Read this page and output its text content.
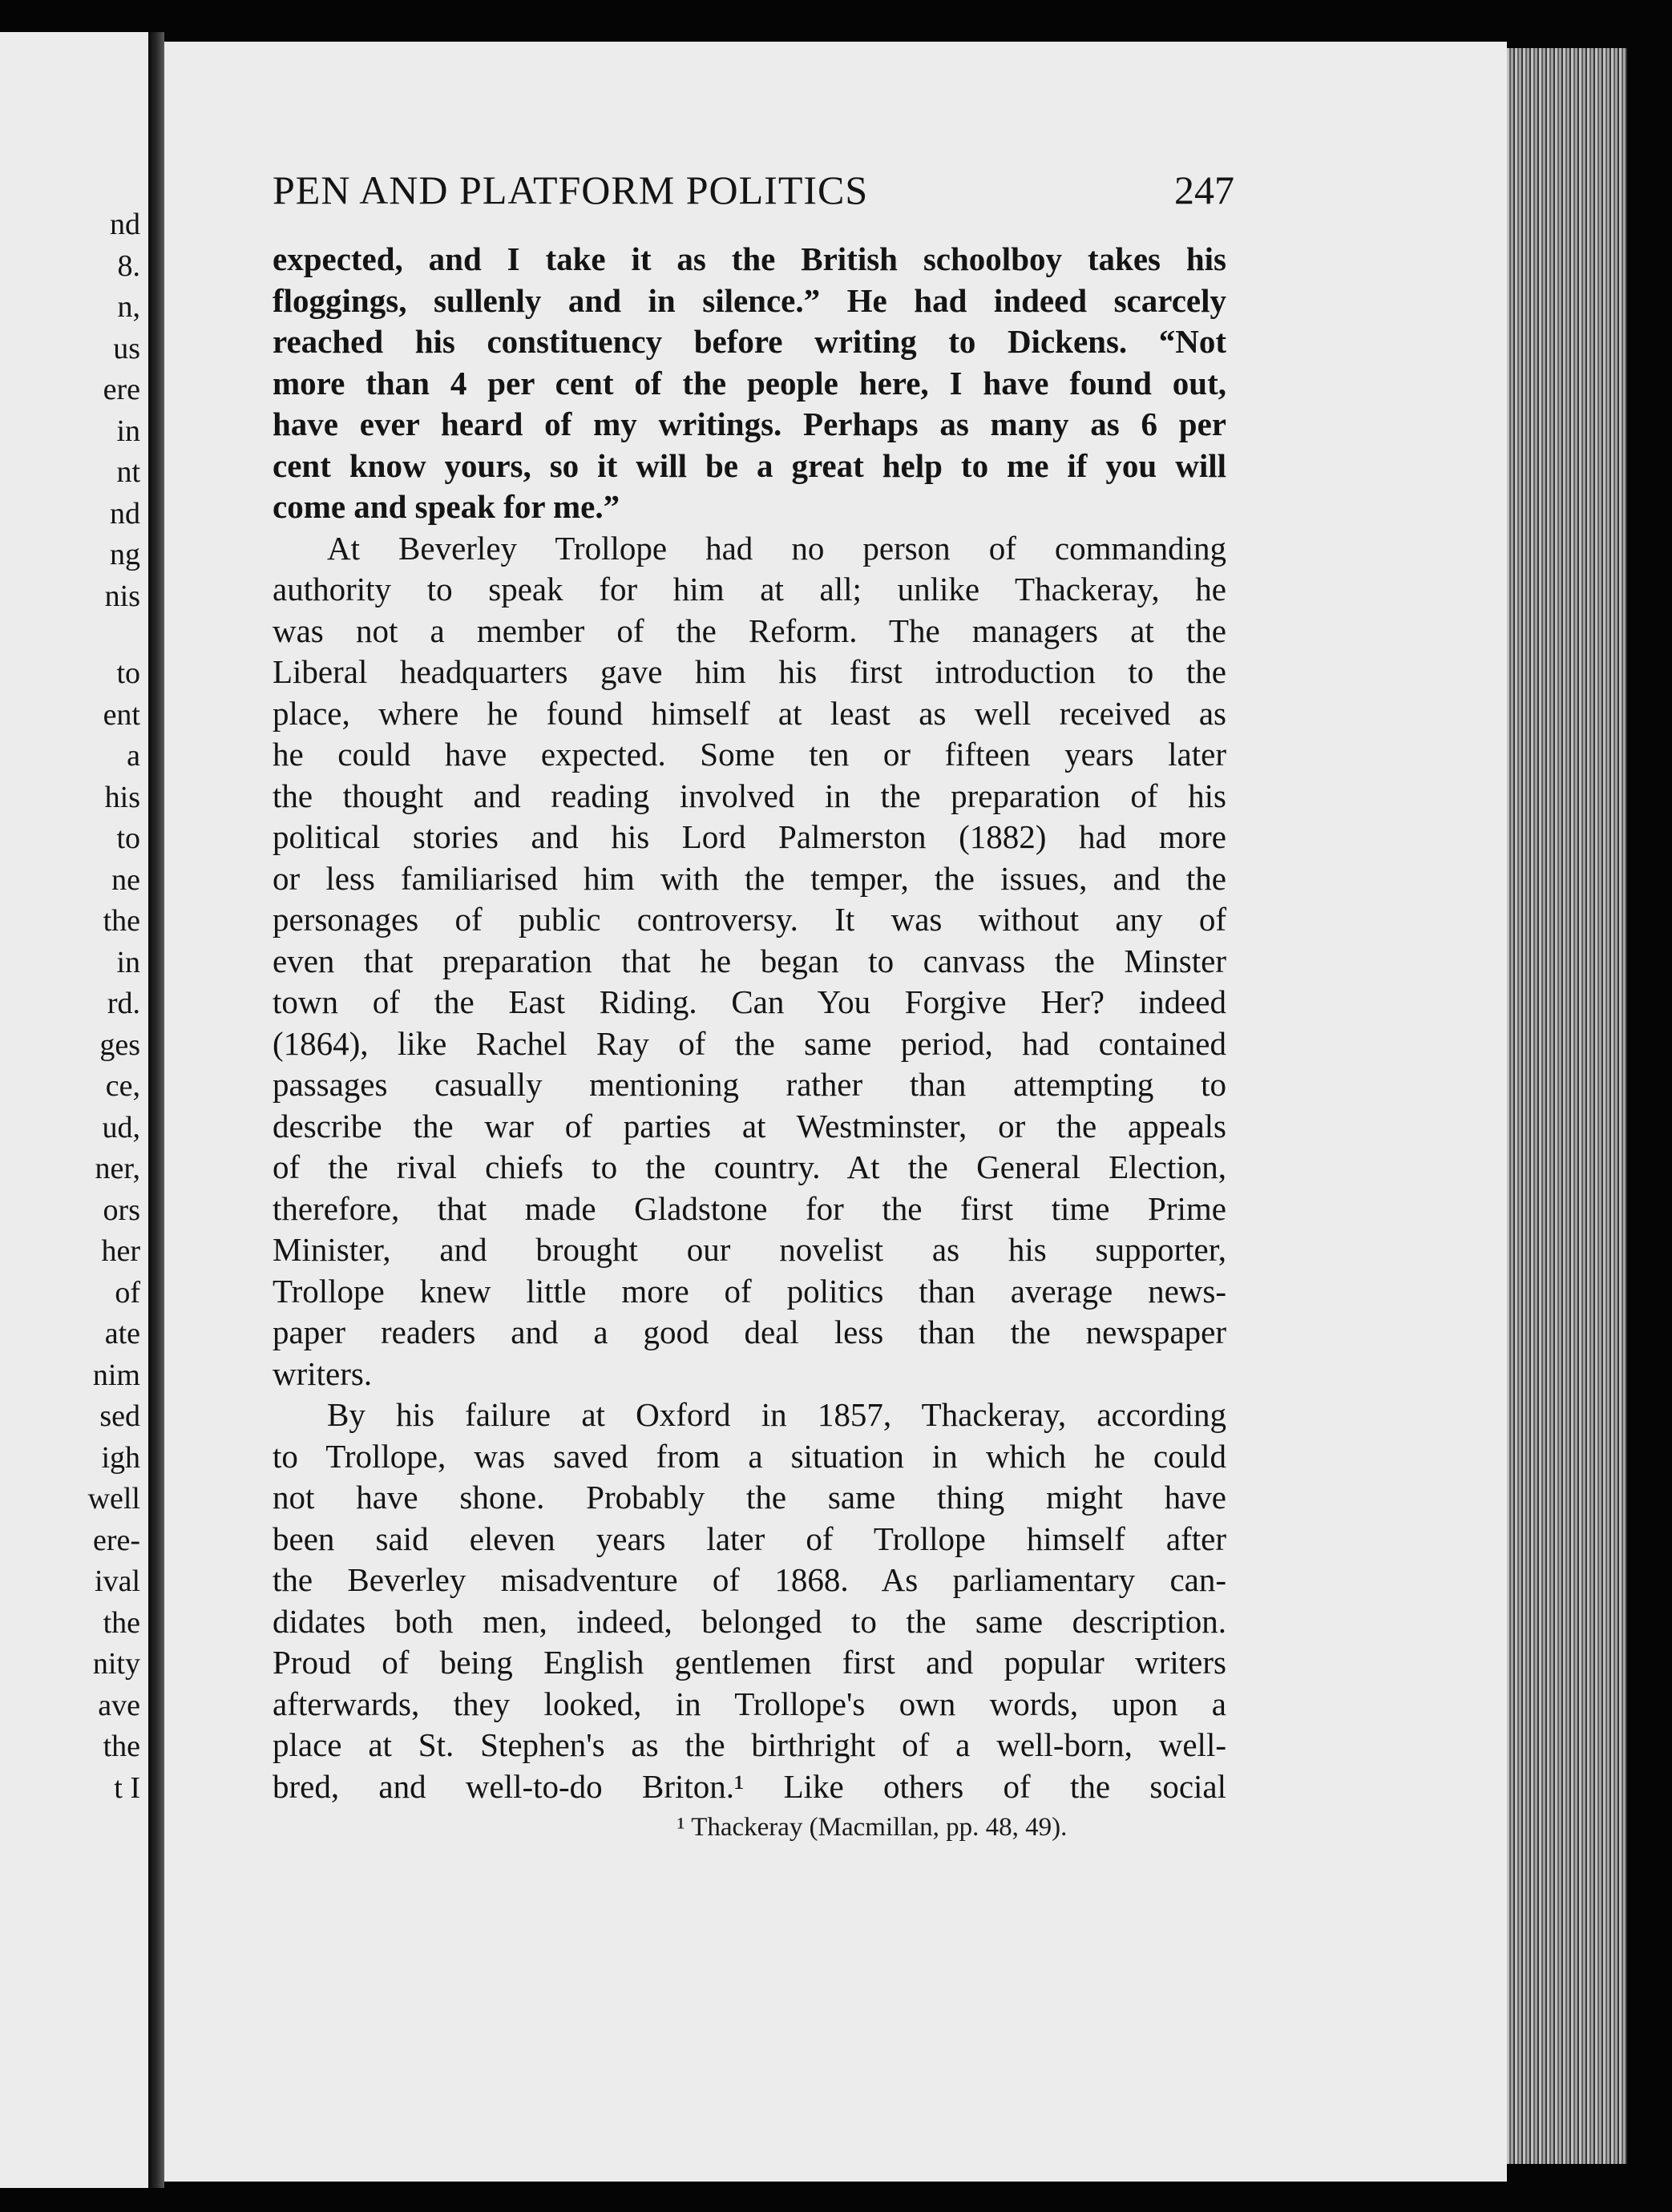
nd
8.
n,
us
ere
in
nt
nd
ng
nis
to
ent
a
his
to
ne
the
in
rd.
ges
ce,
ud,
ner,
ors
her
of
ate
nim
sed
igh
well
ere-
ival
the
nity
ave
the
t I
PEN AND PLATFORM POLITICS	247
expected, and I take it as the British schoolboy takes his
floggings, sullenly and in silence.” He had indeed scarcely
reached his constituency before writing to Dickens. “Not
more than 4 per cent of the people here, I have found out,
have ever heard of my writings. Perhaps as many as 6 per
cent know yours, so it will be a great help to me if you will
come and speak for me.”
At Beverley Trollope had no person of commanding
authority to speak for him at all; unlike Thackeray, he
was not a member of the Reform. The managers at the
Liberal headquarters gave him his first introduction to the
place, where he found himself at least as well received as
he could have expected. Some ten or fifteen years later
the thought and reading involved in the preparation of his
political stories and his Lord Palmerston (1882) had more
or less familiarised him with the temper, the issues, and the
personages of public controversy. It was without any of
even that preparation that he began to canvass the Minster
town of the East Riding. Can You Forgive Her? indeed
(1864), like Rachel Ray of the same period, had contained
passages casually mentioning rather than attempting to
describe the war of parties at Westminster, or the appeals
of the rival chiefs to the country. At the General Election,
therefore, that made Gladstone for the first time Prime
Minister, and brought our novelist as his supporter,
Trollope knew little more of politics than average news-
paper readers and a good deal less than the newspaper
writers.
By his failure at Oxford in 1857, Thackeray, according
to Trollope, was saved from a situation in which he could
not have shone. Probably the same thing might have
been said eleven years later of Trollope himself after
the Beverley misadventure of 1868. As parliamentary can-
didates both men, indeed, belonged to the same description.
Proud of being English gentlemen first and popular writers
afterwards, they looked, in Trollope's own words, upon a
place at St. Stephen's as the birthright of a well-born, well-
bred, and well-to-do Briton.¹ Like others of the social
¹ Thackeray (Macmillan, pp. 48, 49).
